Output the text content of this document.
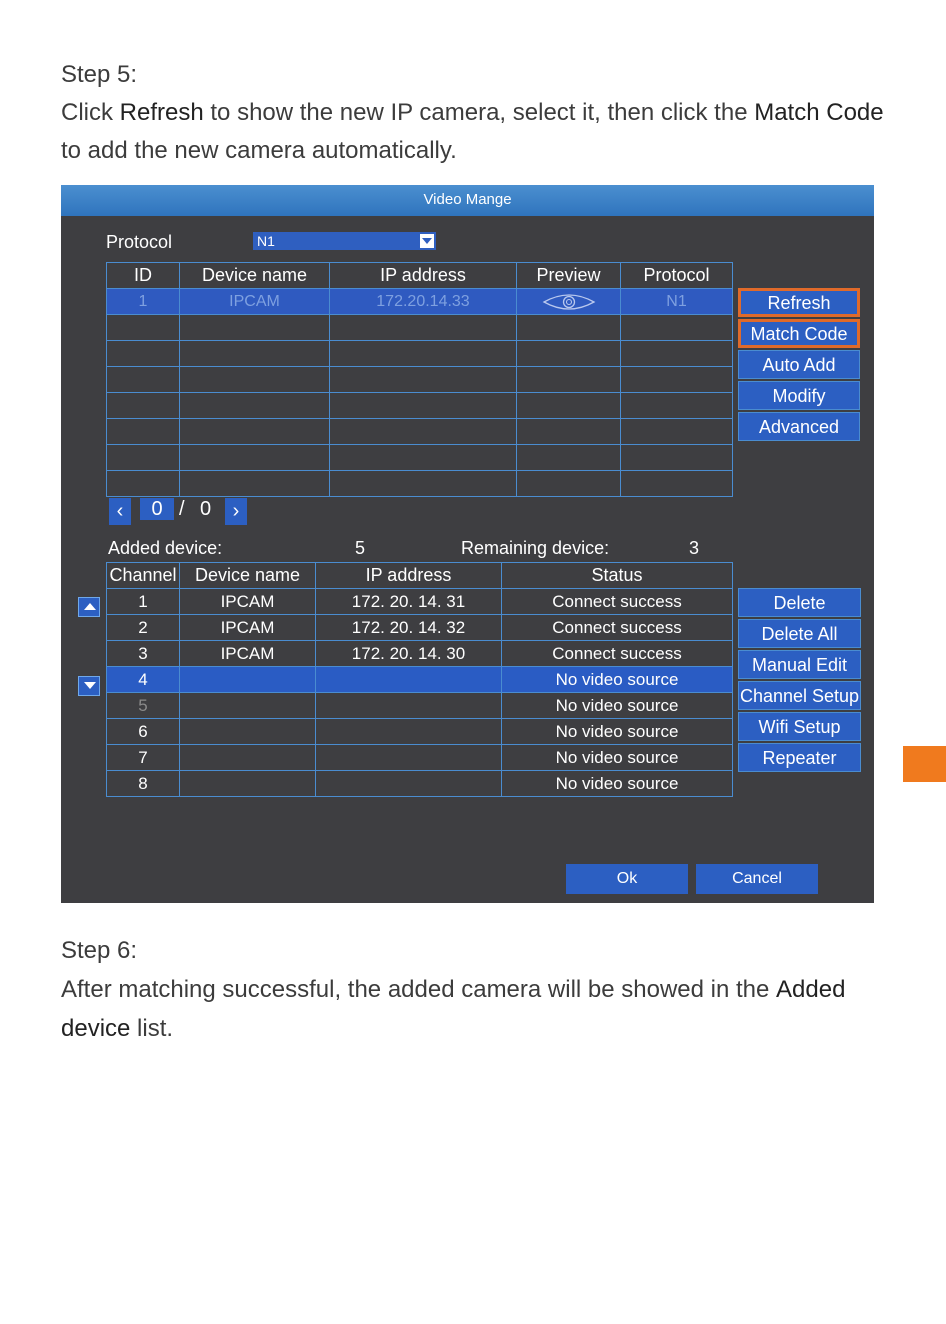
Step 5:

Click Refresh to show the new IP camera, select it, then click the Match Code

to add the new camera automatically.

Video Mange
Protocol	N1
ID	Device name	IP address	Preview	Protocol
1	IPCAM	172.20.14.33		N1

					Refresh
Match Code
Auto Add
Modify
Advanced
‹	0 / 0	›
Added device:	5	Remaining device:	3
Channel	Device name	IP address	Status
1	IPCAM	172. 20. 14. 31	Connect success
2	IPCAM	172. 20. 14. 32	Connect success
3	IPCAM	172. 20. 14. 30	Connect success
4			No video source
5			No video source
6			No video source
7			No video source
8			No video source
Delete
Delete All
Manual Edit
Channel Setup
Wifi Setup
Repeater
Ok	Cancel

Step 6:

After matching successful, the added camera will be showed in the Added

device list.
